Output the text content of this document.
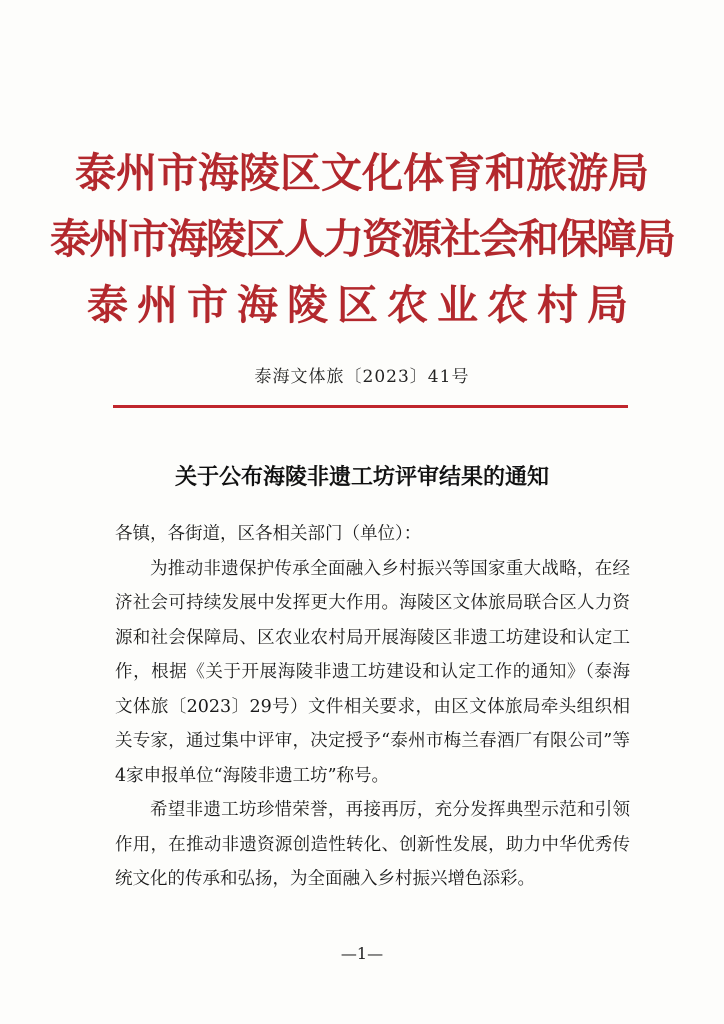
泰州市海陵区文化体育和旅游局
泰州市海陵区人力资源社会和保障局
泰州市海陵区农业农村局
泰海文体旅〔2023〕41号
关于公布海陵非遗工坊评审结果的通知

各镇，各街道，区各相关部门（单位）：

为推动非遗保护传承全面融入乡村振兴等国家重大战略，在经济社会可持续发展中发挥更大作用。海陵区文体旅局联合区人力资源和社会保障局、区农业农村局开展海陵区非遗工坊建设和认定工作，根据《关于开展海陵非遗工坊建设和认定工作的通知》（泰海文体旅〔2023〕29号）文件相关要求，由区文体旅局牵头组织相关专家，通过集中评审，决定授予“泰州市梅兰春酒厂有限公司”等4家申报单位“海陵非遗工坊”称号。

希望非遗工坊珍惜荣誉，再接再厉，充分发挥典型示范和引领作用，在推动非遗资源创造性转化、创新性发展，助力中华优秀传统文化的传承和弘扬，为全面融入乡村振兴增色添彩。

—1—
